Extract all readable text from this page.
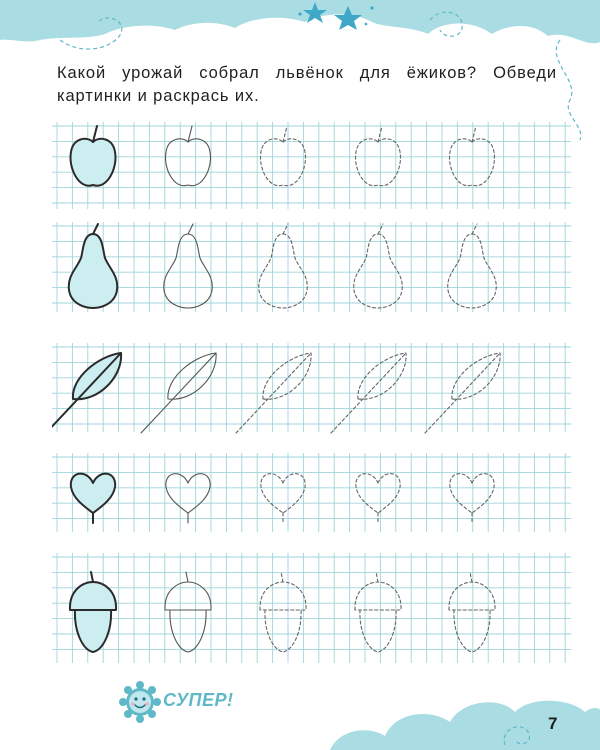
Какой урожай собрал львёнок для ёжиков? Обведи картинки и раскрась их.

СУПЕР!
7
